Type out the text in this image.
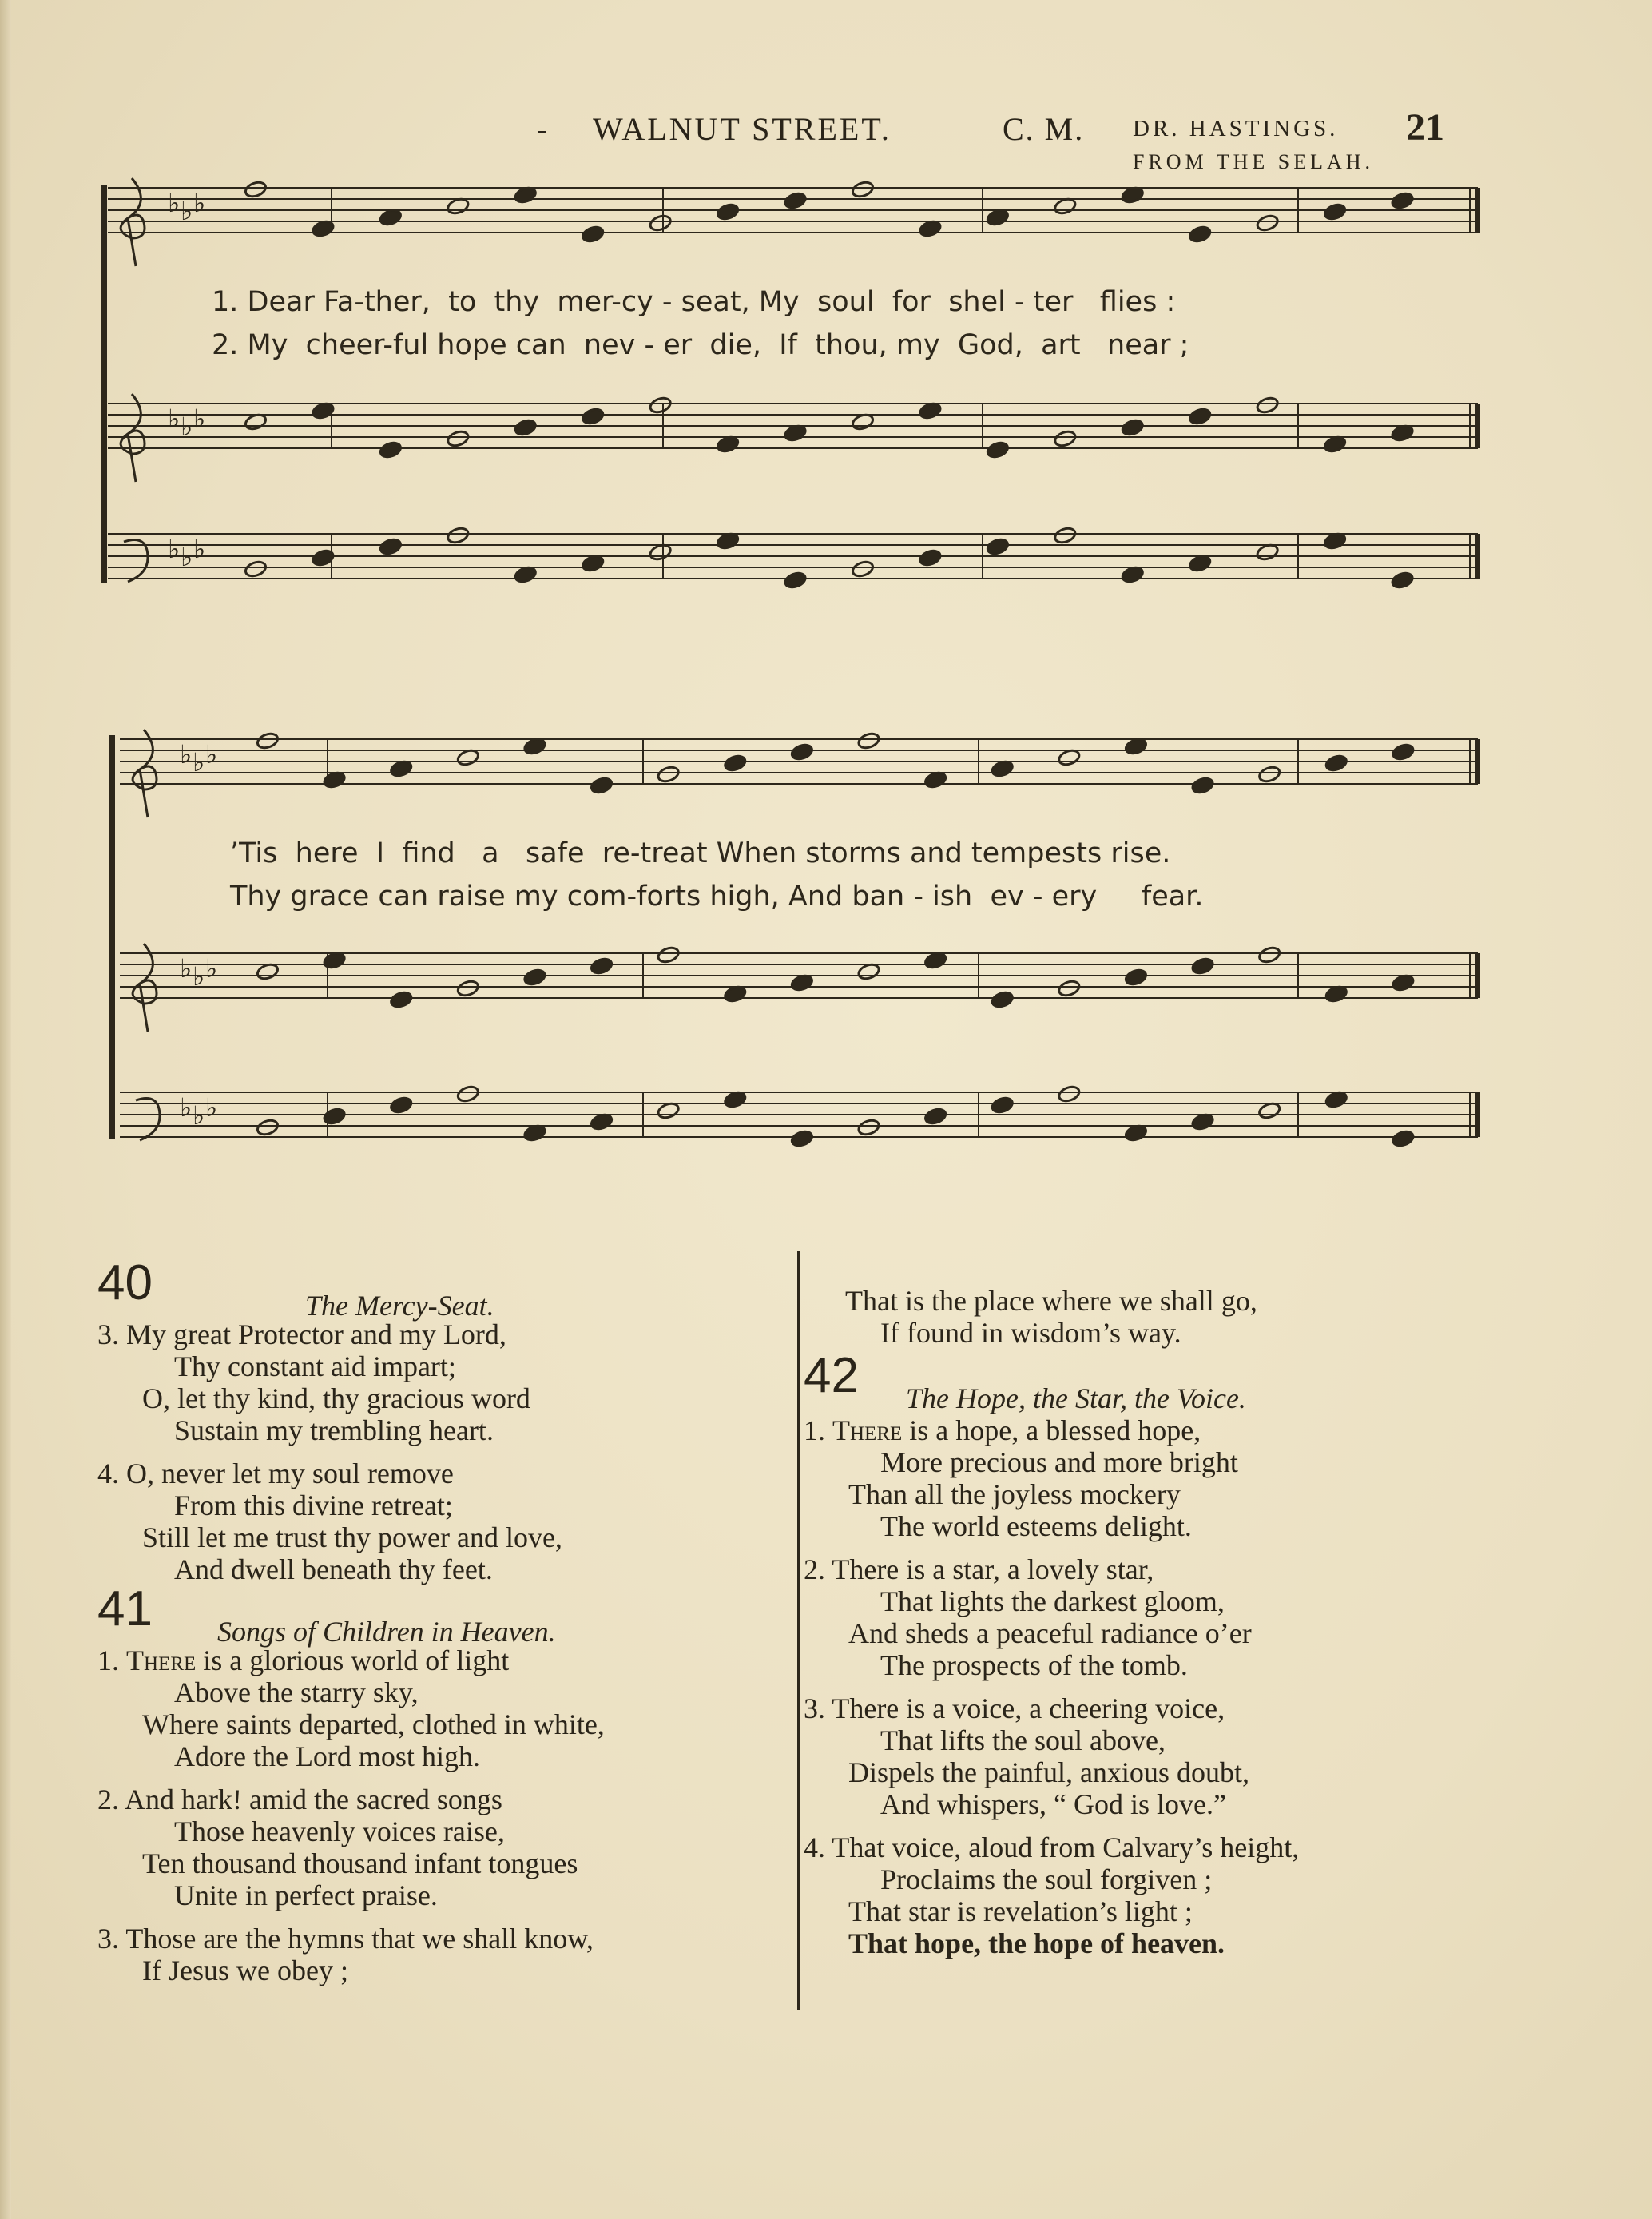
- WALNUT STREET.	C. M. DR. HASTINGS. 21
FROM THE SELAH.
♭ ♭ ♭
♭ ♭ ♭
♭ ♭ ♭
♭ ♭ ♭
♭ ♭ ♭
♭ ♭ ♭
1. Dear Fa-ther,  to  thy  mer-cy - seat, My  soul  for  shel - ter   flies :
2. My  cheer-ful hope can  nev - er  die,  If  thou, my  God,  art   near ;
’Tis  here  I  find   a   safe  re-treat When storms and tempests rise.
Thy grace can raise my com-forts high, And ban - ish  ev - ery     fear.
40	The Mercy-Seat.
3. My great Protector and my Lord,
Thy constant aid impart;
O, let thy kind, thy gracious word
Sustain my trembling heart.
4. O, never let my soul remove
From this divine retreat;
Still let me trust thy power and love,
And dwell beneath thy feet.
41 Songs of Children in Heaven.
1. There is a glorious world of light
Above the starry sky,
Where saints departed, clothed in white,
Adore the Lord most high.
2. And hark! amid the sacred songs
Those heavenly voices raise,
Ten thousand thousand infant tongues
Unite in perfect praise.
3. Those are the hymns that we shall know,
If Jesus we obey ;
That is the place where we shall go,
If found in wisdom’s way.
42 The Hope, the Star, the Voice.
1. There is a hope, a blessed hope,
More precious and more bright
Than all the joyless mockery
The world esteems delight.
2. There is a star, a lovely star,
That lights the darkest gloom,
And sheds a peaceful radiance o’er
The prospects of the tomb.
3. There is a voice, a cheering voice,
That lifts the soul above,
Dispels the painful, anxious doubt,
And whispers, “ God is love.”
4. That voice, aloud from Calvary’s height,
Proclaims the soul forgiven ;
That star is revelation’s light ;
That hope, the hope of heaven.
